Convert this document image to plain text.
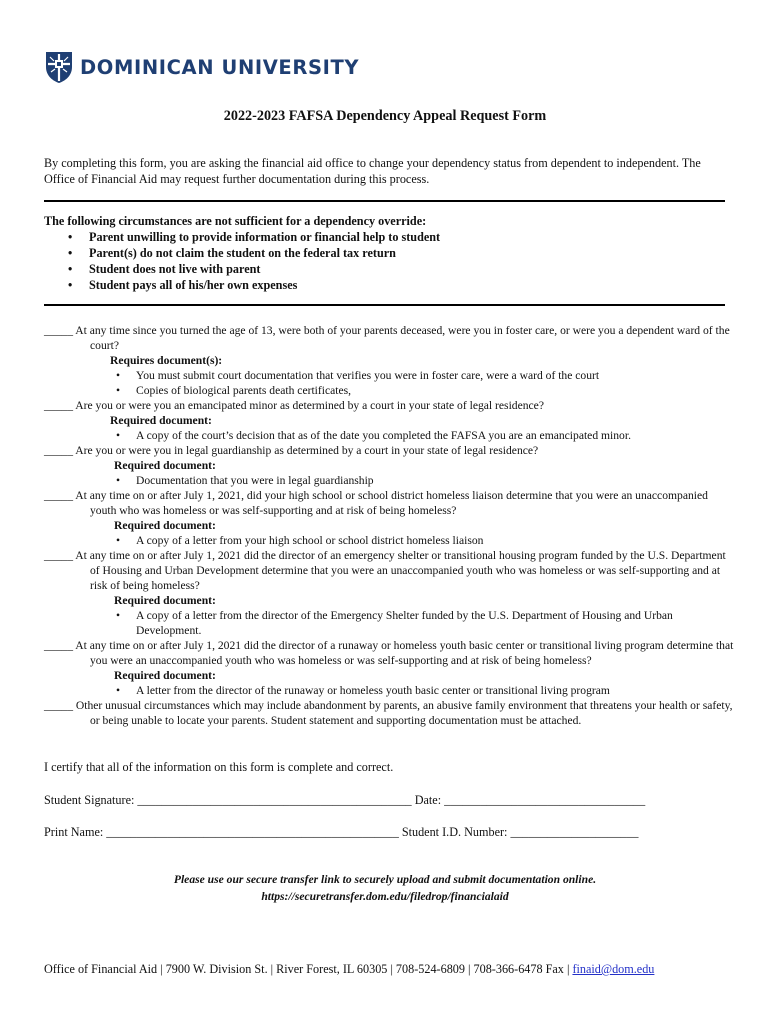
DOMINICAN UNIVERSITY
2022-2023 FAFSA Dependency Appeal Request Form
By completing this form, you are asking the financial aid office to change your dependency status from dependent to independent. The Office of Financial Aid may request further documentation during this process.
The following circumstances are not sufficient for a dependency override:
• Parent unwilling to provide information or financial help to student
• Parent(s) do not claim the student on the federal tax return
• Student does not live with parent
• Student pays all of his/her own expenses
_____ At any time since you turned the age of 13, were both of your parents deceased, were you in foster care, or were you a dependent ward of the court?
Requires document(s):
• You must submit court documentation that verifies you were in foster care, were a ward of the court
• Copies of biological parents death certificates,
_____ Are you or were you an emancipated minor as determined by a court in your state of legal residence?
Required document:
• A copy of the court’s decision that as of the date you completed the FAFSA you are an emancipated minor.
_____ Are you or were you in legal guardianship as determined by a court in your state of legal residence?
Required document:
• Documentation that you were in legal guardianship
_____ At any time on or after July 1, 2021, did your high school or school district homeless liaison determine that you were an unaccompanied youth who was homeless or was self-supporting and at risk of being homeless?
Required document:
• A copy of a letter from your high school or school district homeless liaison
_____ At any time on or after July 1, 2021 did the director of an emergency shelter or transitional housing program funded by the U.S. Department of Housing and Urban Development determine that you were an unaccompanied youth who was homeless or was self-supporting and at risk of being homeless?
Required document:
• A copy of a letter from the director of the Emergency Shelter funded by the U.S. Department of Housing and Urban Development.
_____ At any time on or after July 1, 2021 did the director of a runaway or homeless youth basic center or transitional living program determine that you were an unaccompanied youth who was homeless or was self-supporting and at risk of being homeless?
Required document:
• A letter from the director of the runaway or homeless youth basic center or transitional living program
_____ Other unusual circumstances which may include abandonment by parents, an abusive family environment that threatens your health or safety, or being unable to locate your parents. Student statement and supporting documentation must be attached.
I certify that all of the information on this form is complete and correct.
Student Signature: _____________________________________________ Date: _________________________________
Print Name: ________________________________________________ Student I.D. Number: _____________________
Please use our secure transfer link to securely upload and submit documentation online.
https://securetransfer.dom.edu/filedrop/financialaid
Office of Financial Aid | 7900 W. Division St. | River Forest, IL 60305 | 708-524-6809 | 708-366-6478 Fax | finaid@dom.edu
